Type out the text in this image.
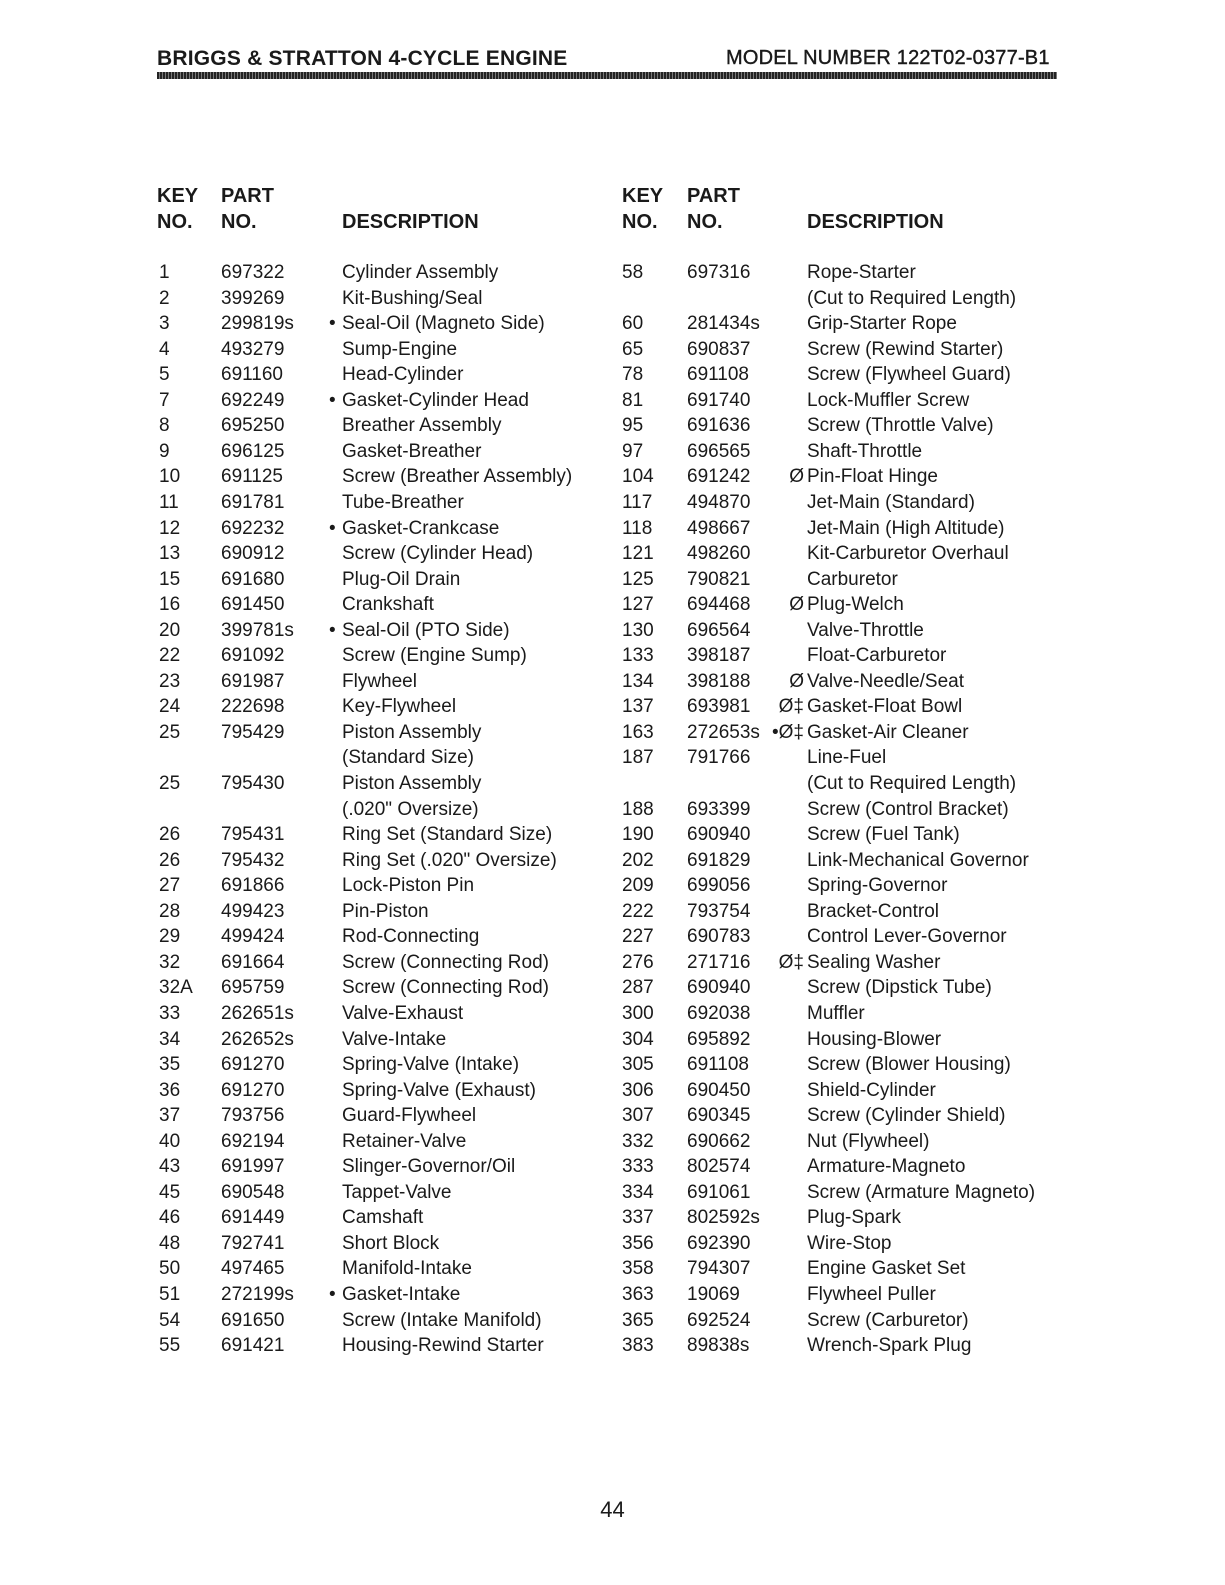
BRIGGS & STRATTON 4-CYCLE ENGINE	MODEL NUMBER 122T02-0377-B1
KEY
NO.
PART
NO.	DESCRIPTION
KEY
NO.
PART
NO.	DESCRIPTION
1	697322	Cylinder Assembly
2	399269	Kit-Bushing/Seal
3	299819s • Seal-Oil (Magneto Side)
4	493279	Sump-Engine
5	691160	Head-Cylinder
7	692249 • Gasket-Cylinder Head
8	695250	Breather Assembly
9	696125	Gasket-Breather
10 691125	Screw (Breather Assembly)
11 691781	Tube-Breather
12 692232 • Gasket-Crankcase
13 690912	Screw (Cylinder Head)
15 691680	Plug-Oil Drain
16 691450	Crankshaft
20 399781s • Seal-Oil (PTO Side)
22 691092	Screw (Engine Sump)
23 691987	Flywheel
24 222698	Key-Flywheel
25 795429	Piston Assembly
(Standard Size)
25 795430	Piston Assembly
(.020" Oversize)
26 795431	Ring Set (Standard Size)
26 795432	Ring Set (.020" Oversize)
27 691866	Lock-Piston Pin
28 499423	Pin-Piston
29 499424	Rod-Connecting
32 691664	Screw (Connecting Rod)
32A 695759	Screw (Connecting Rod)
33 262651s	Valve-Exhaust
34 262652s	Valve-Intake
35 691270	Spring-Valve (Intake)
36 691270	Spring-Valve (Exhaust)
37 793756	Guard-Flywheel
40 692194	Retainer-Valve
43 691997	Slinger-Governor/Oil
45 690548	Tappet-Valve
46 691449	Camshaft
48 792741	Short Block
50 497465	Manifold-Intake
51 272199s • Gasket-Intake
54 691650	Screw (Intake Manifold)
55 691421	Housing-Rewind Starter
58 697316	Rope-Starter
(Cut to Required Length)
60 281434s Grip-Starter Rope
65 690837	Screw (Rewind Starter)
78 691108	Screw (Flywheel Guard)
81 691740	Lock-Muffler Screw
95 691636	Screw (Throttle Valve)
97 696565	Shaft-Throttle
104 691242	Ø Pin-Float Hinge
117 494870	Jet-Main (Standard)
118 498667	Jet-Main (High Altitude)
121 498260	Kit-Carburetor Overhaul
125 790821	Carburetor
127 694468	Ø Plug-Welch
130 696564	Valve-Throttle
133 398187	Float-Carburetor
134 398188	Ø Valve-Needle/Seat
137 693981	Ø‡ Gasket-Float Bowl
163 272653s •Ø‡ Gasket-Air Cleaner
187 791766	Line-Fuel
(Cut to Required Length)
188 693399	Screw (Control Bracket)
190 690940	Screw (Fuel Tank)
202 691829	Link-Mechanical Governor
209 699056	Spring-Governor
222 793754	Bracket-Control
227 690783	Control Lever-Governor
276 271716	Ø‡ Sealing Washer
287 690940	Screw (Dipstick Tube)
300 692038	Muffler
304 695892	Housing-Blower
305 691108	Screw (Blower Housing)
306 690450	Shield-Cylinder
307 690345	Screw (Cylinder Shield)
332 690662	Nut (Flywheel)
333 802574	Armature-Magneto
334 691061	Screw (Armature Magneto)
337 802592s Plug-Spark
356 692390	Wire-Stop
358 794307	Engine Gasket Set
363 19069	Flywheel Puller
365 692524	Screw (Carburetor)
383 89838s	Wrench-Spark Plug
44
